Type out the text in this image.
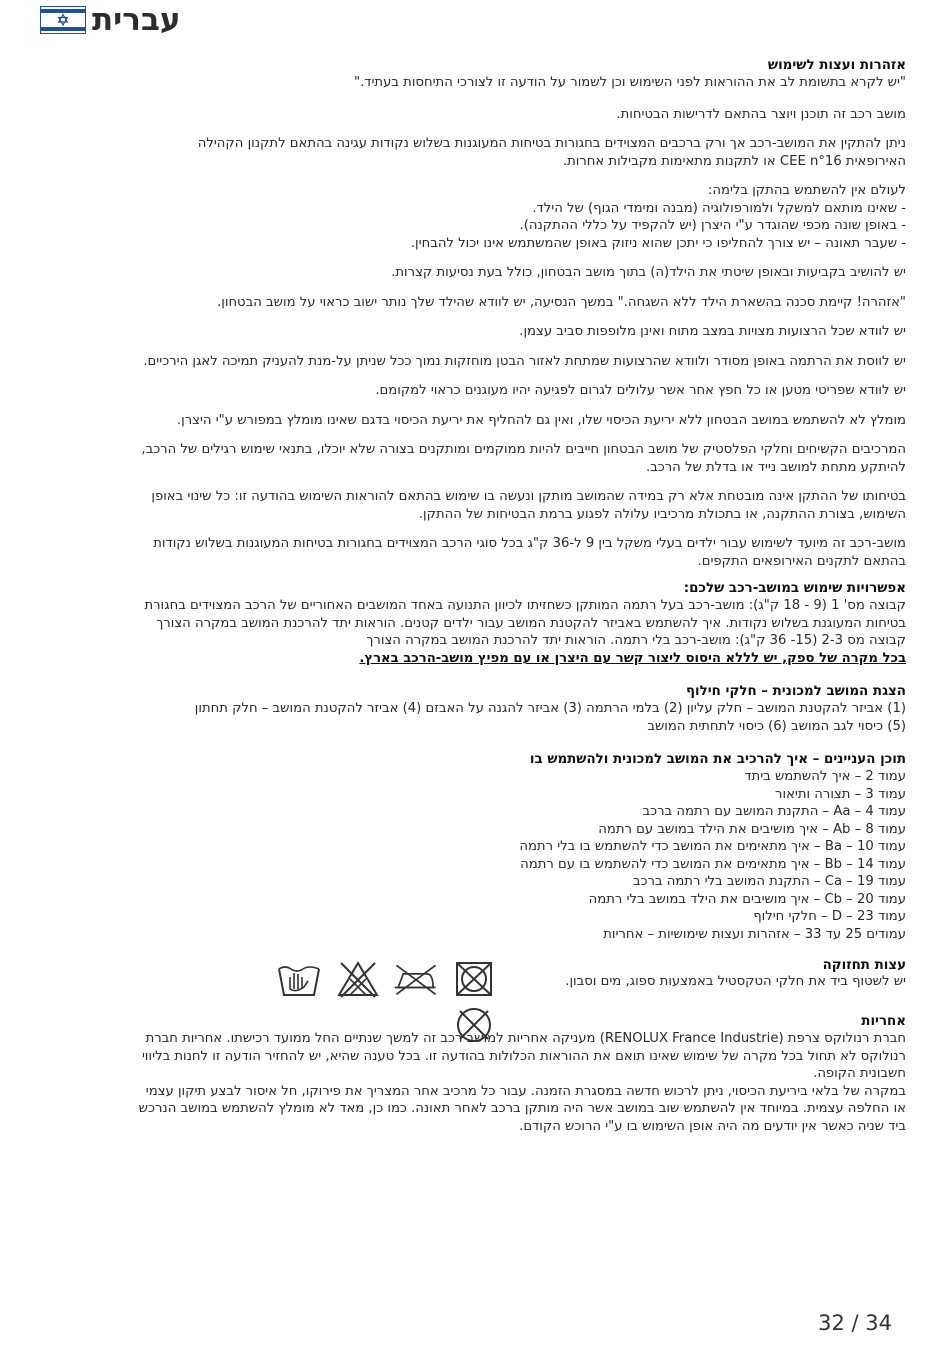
עברית
אזהרות ועצות לשימוש

"יש לקרא בתשומת לב את ההוראות לפני השימוש וכן לשמור על הודעה זו לצורכי התיחסות בעתיד."

מושב רכב זה תוכנן ויוצר בהתאם לדרישות הבטיחות.

ניתן להתקין את המושב-רכב אך ורק ברכבים המצוידים בחגורות בטיחות המעוגנות בשלוש נקודות עגינה בהתאם לתקנון הקהילה
האירופאית CEE n°16 או לתקנות מתאימות מקבילות אחרות.

לעולם אין להשתמש בהתקן בלימה:
- שאינו מותאם למשקל ולמורפולוגיה (מבנה ומימדי הגוף) של הילד.
- באופן שונה מכפי שהוגדר ע"י היצרן (יש להקפיד על כללי ההתקנה).
- שעבר תאונה – יש צורך להחליפו כי יתכן שהוא ניזוק באופן שהמשתמש אינו יכול להבחין.

יש להושיב בקביעות ובאופן שיטתי את הילד(ה) בתוך מושב הבטחון, כולל בעת נסיעות קצרות.

"אזהרה! קיימת סכנה בהשארת הילד ללא השגחה." במשך הנסיעה, יש לוודא שהילד שלך נותר ישוב כראוי על מושב הבטחון.

יש לוודא שכל הרצועות מצויות במצב מתוח ואינן מלופפות סביב עצמן.

יש לווסת את הרתמה באופן מסודר ולוודא שהרצועות שמתחת לאזור הבטן מוחזקות נמוך ככל שניתן על-מנת להעניק תמיכה לאגן הירכיים.

יש לוודא שפריטי מטען או כל חפץ אחר אשר עלולים לגרום לפגיעה יהיו מעוגנים כראוי למקומם.

מומלץ לא להשתמש במושב הבטחון ללא יריעת הכיסוי שלו, ואין גם להחליף את יריעת הכיסוי בדגם שאינו מומלץ במפורש ע"י היצרן.

המרכיבים הקשיחים וחלקי הפלסטיק של מושב הבטחון חייבים להיות ממוקמים ומותקנים בצורה שלא יוכלו, בתנאי שימוש רגילים של הרכב,
להיתקע מתחת למושב נייד או בדלת של הרכב.

בטיחותו של ההתקן אינה מובטחת אלא רק במידה שהמושב מותקן ונעשה בו שימוש בהתאם להוראות השימוש בהודעה זו: כל שינוי באופן
השימוש, בצורת ההתקנה, או בתכולת מרכיביו עלולה לפגוע ברמת הבטיחות של ההתקן.

מושב-רכב זה מיועד לשימוש עבור ילדים בעלי משקל בין 9 ל-36 ק"ג בכל סוגי הרכב המצוידים בחגורות בטיחות המעוגנות בשלוש נקודות
בהתאם לתקנים האירופאים התקפים.

אפשרויות שימוש במושב-רכב שלכם:

קבוצה מס' 1 (9 - 18 ק"ג): מושב-רכב בעל רתמה המותקן כשחזיתו לכיוון התנועה באחד המושבים האחוריים של הרכב המצוידים בחגורת
בטיחות המעוגנת בשלוש נקודות. איך להשתמש באביזר להקטנת המושב עבור ילדים קטנים. הוראות יתד להרכנת המושב במקרה הצורך
קבוצה מס 2-3 (15- 36 ק"ג): מושב-רכב בלי רתמה. הוראות יתד להרכנת המושב במקרה הצורך
בכל מקרה של ספק, יש לללא היסוס ליצור קשר עם היצרן או עם מפיץ מושב-הרכב בארץ.

הצגת המושב למכונית – חלקי חילוף

(1) אביזר להקטנת המושב – חלק עליון (2) בלמי הרתמה (3) אביזר להגנה על האבזם (4) אביזר להקטנת המושב – חלק תחתון
(5) כיסוי לגב המושב (6) כיסוי לתחתית המושב

תוכן העניינים – איך להרכיב את המושב למכונית ולהשתמש בו

עמוד 2 – איך להשתמש ביתד
עמוד 3 – תצורה ותיאור
עמוד 4 – Aa – התקנת המושב עם רתמה ברכב
עמוד 8 – Ab – איך מושיבים את הילד במושב עם רתמה
עמוד 10 – Ba – איך מתאימים את המושב כדי להשתמש בו בלי רתמה
עמוד 14 – Bb – איך מתאימים את המושב כדי להשתמש בו עם רתמה
עמוד 19 – Ca – התקנת המושב בלי רתמה ברכב
עמוד 20 – Cb – איך מושיבים את הילד במושב בלי רתמה
עמוד 23 – D – חלקי חילוף
עמודים 25 עד 33 – אזהרות ועצות שימושיות – אחריות

עצות תחזוקה
יש לשטוף ביד את חלקי הטקסטיל באמצעות ספוג, מים וסבון.

אחריות

חברת רנולוקס צרפת (RENOLUX France Industrie) מעניקה אחריות למושב רכב זה למשך שנתיים החל ממועד רכישתו. אחריות חברת
רנולוקס לא תחול בכל מקרה של שימוש שאינו תואם את ההוראות הכלולות בהודעה זו. בכל טענה שהיא, יש להחזיר הודעה זו לחנות בליווי
חשבונית הקופה.
במקרה של בלאי ביריעת הכיסוי, ניתן לרכוש חדשה במסגרת הזמנה. עבור כל מרכיב אחר המצריך את פירוקו, חל איסור לבצע תיקון עצמי
או החלפה עצמית. במיוחד אין להשתמש שוב במושב אשר היה מותקן ברכב לאחר תאונה. כמו כן, מאד לא מומלץ להשתמש במושב הנרכש
ביד שניה כאשר אין יודעים מה היה אופן השימוש בו ע"י הרוכש הקודם.

32 / 34
